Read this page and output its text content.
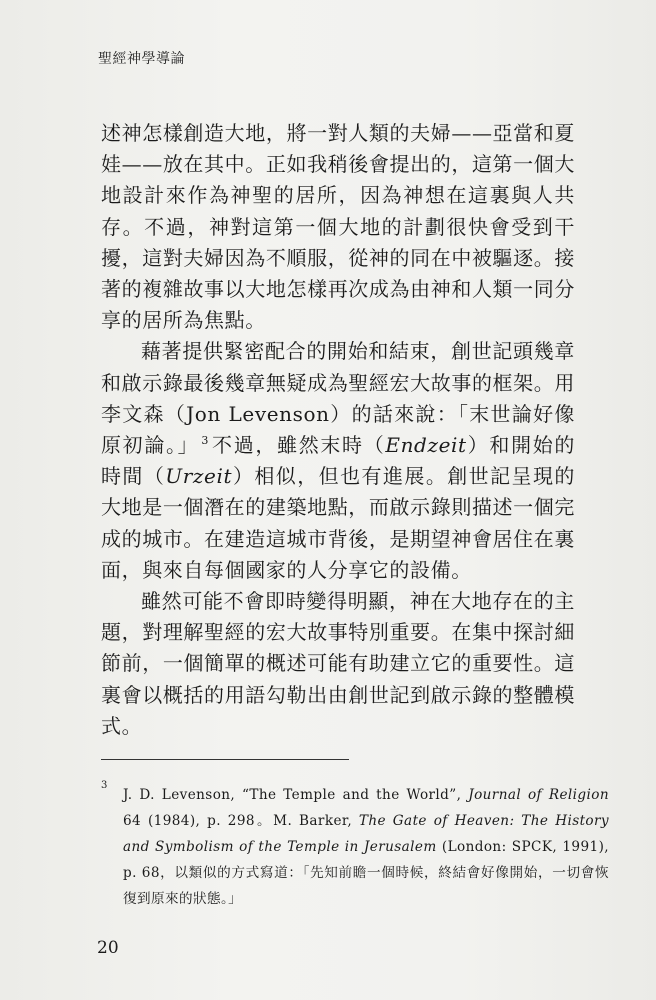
聖經神學導論

述神怎樣創造大地，將一對人類的夫婦——亞當和夏娃——放在其中。正如我稍後會提出的，這第一個大地設計來作為神聖的居所，因為神想在這裏與人共存。不過，神對這第一個大地的計劃很快會受到干擾，這對夫婦因為不順服，從神的同在中被驅逐。接著的複雜故事以大地怎樣再次成為由神和人類一同分享的居所為焦點。

藉著提供緊密配合的開始和結束，創世記頭幾章和啟示錄最後幾章無疑成為聖經宏大故事的框架。用李文森（Jon Levenson）的話來說：「末世論好像原初論。」 $^3$ 不過，雖然末時（Endzeit）和開始的時間（Urzeit）相似，但也有進展。創世記呈現的大地是一個潛在的建築地點，而啟示錄則描述一個完成的城市。在建造這城市背後，是期望神會居住在裏面，與來自每個國家的人分享它的設備。

雖然可能不會即時變得明顯，神在大地存在的主題，對理解聖經的宏大故事特別重要。在集中探討細節前，一個簡單的概述可能有助建立它的重要性。這裏會以概括的用語勾勒出由創世記到啟示錄的整體模式。

3
J. D. Levenson, “The Temple and the World”, Journal of Religion 64 (1984), p. 298。M. Barker, The Gate of Heaven: The History and Symbolism of the Temple in Jerusalem (London: SPCK, 1991), p. 68，以類似的方式寫道：「先知前瞻一個時候，終結會好像開始，一切會恢復到原來的狀態。」
20
